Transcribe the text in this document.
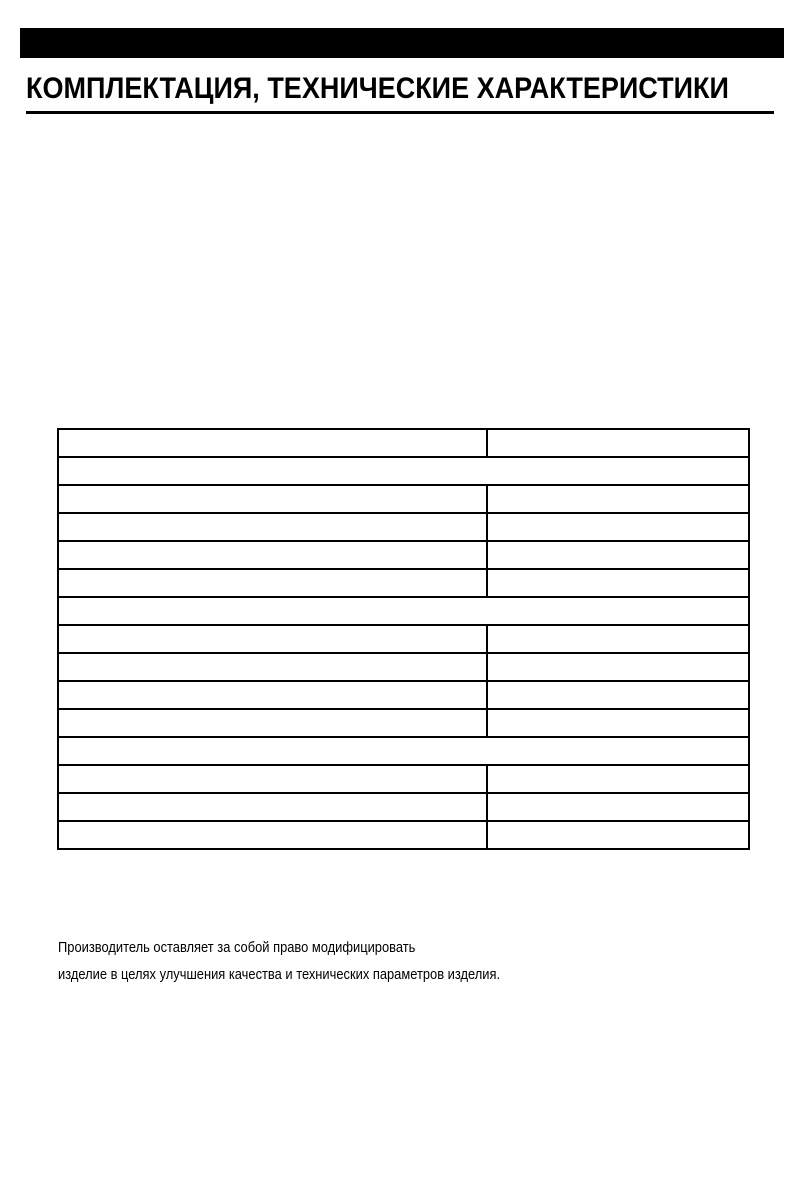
КОМПЛЕКТАЦИЯ, ТЕХНИЧЕСКИЕ ХАРАКТЕРИСТИКИ

Производитель оставляет за собой право модифицировать
изделие в целях улучшения качества и технических параметров изделия.
